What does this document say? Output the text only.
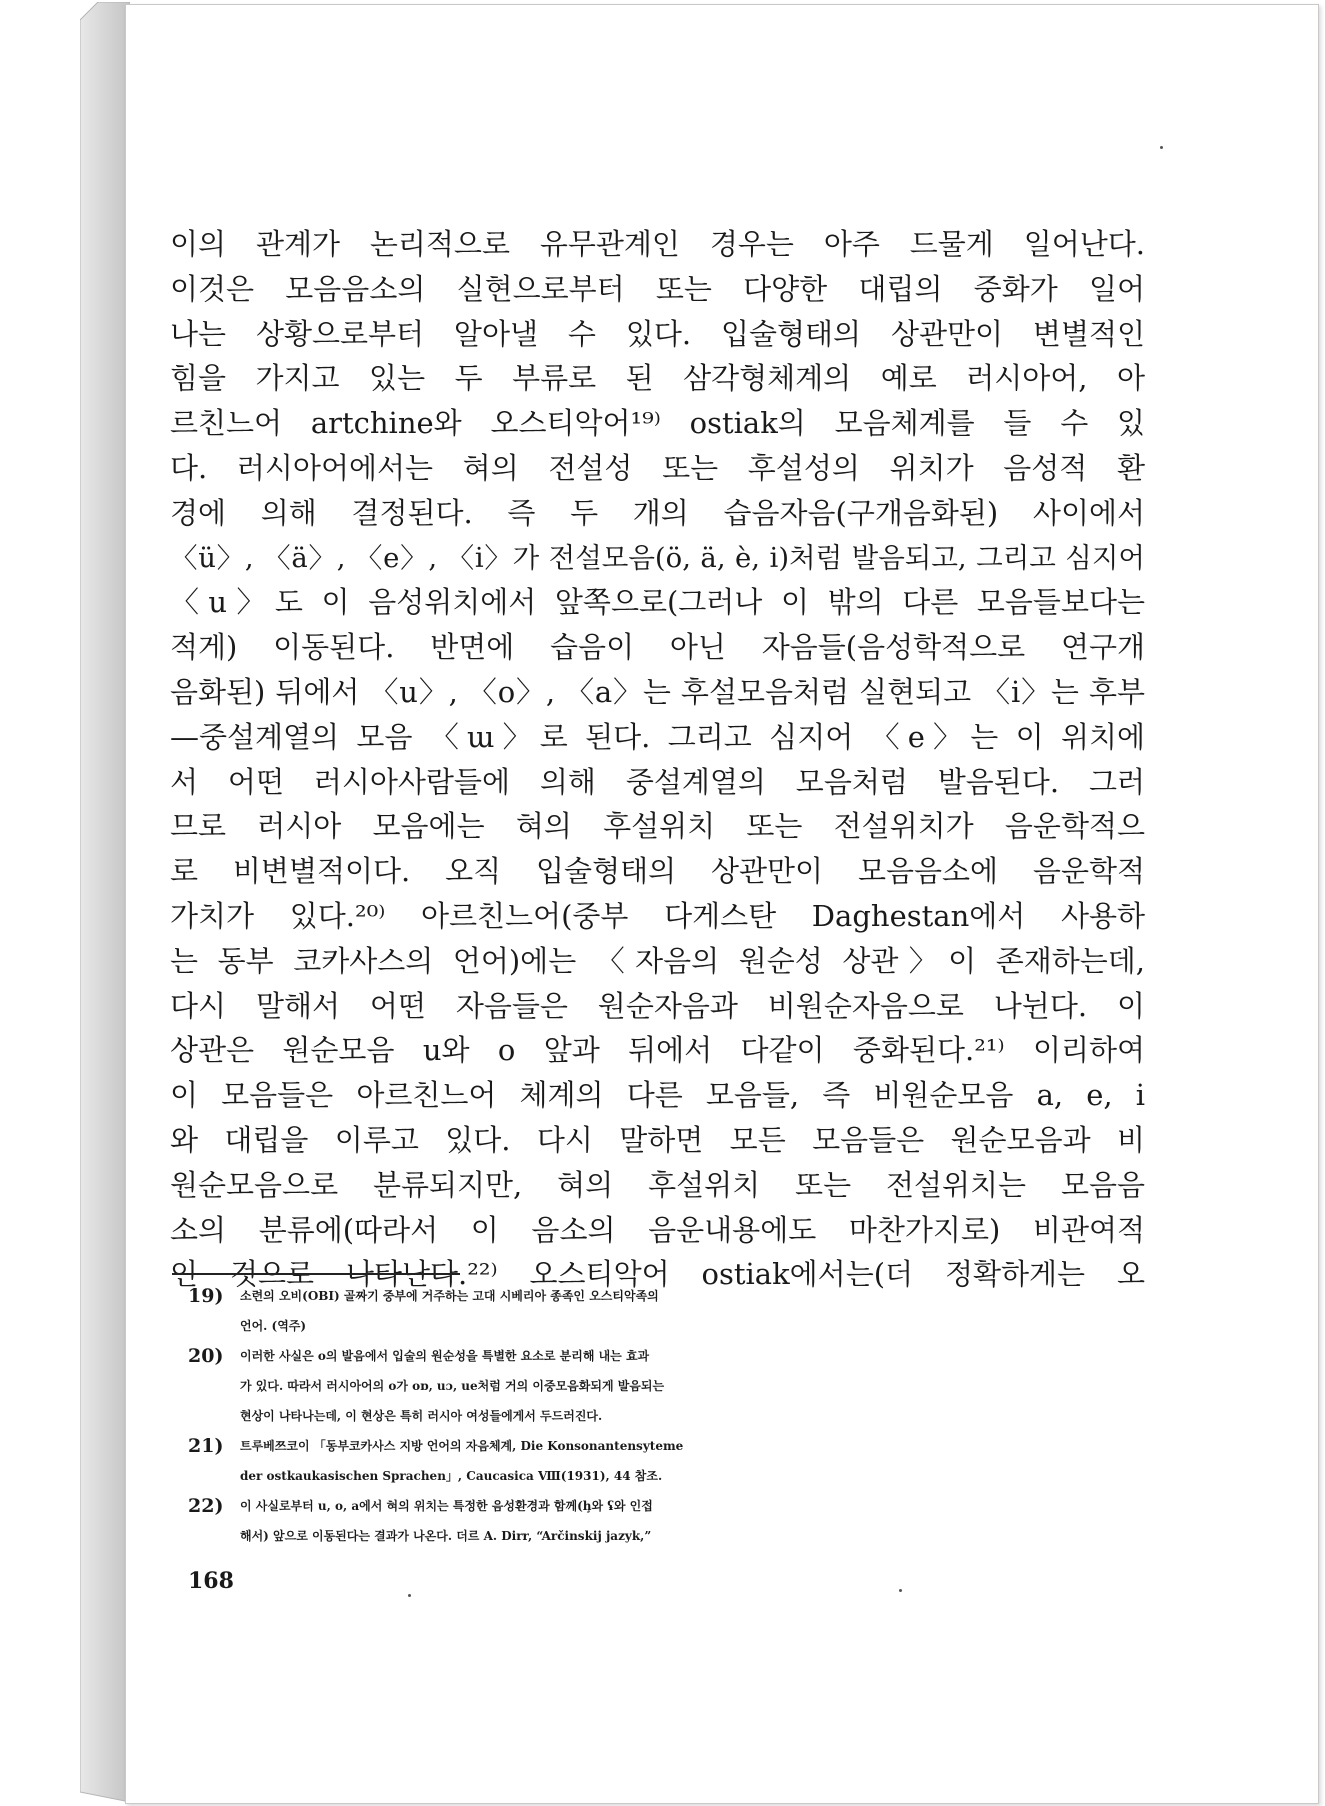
이의 관계가 논리적으로 유무관계인 경우는 아주 드물게 일어난다.
이것은 모음음소의 실현으로부터 또는 다양한 대립의 중화가 일어
나는 상황으로부터 알아낼 수 있다. 입술형태의 상관만이 변별적인
힘을 가지고 있는 두 부류로 된 삼각형체계의 예로 러시아어, 아
르친느어 artchine와 오스티악어¹⁹⁾ ostiak의 모음체계를 들 수 있
다. 러시아어에서는 혀의 전설성 또는 후설성의 위치가 음성적 환
경에 의해 결정된다. 즉 두 개의 습음자음(구개음화된) 사이에서
〈ü〉, 〈ä〉, 〈e〉, 〈i〉가 전설모음(ö, ä, è, i)처럼 발음되고, 그리고 심지어
〈u〉도 이 음성위치에서 앞쪽으로(그러나 이 밖의 다른 모음들보다는
적게) 이동된다. 반면에 습음이 아닌 자음들(음성학적으로 연구개
음화된) 뒤에서 〈u〉, 〈o〉, 〈a〉는 후설모음처럼 실현되고 〈i〉는 후부
—중설계열의 모음 〈ɯ〉로 된다. 그리고 심지어 〈e〉는 이 위치에
서 어떤 러시아사람들에 의해 중설계열의 모음처럼 발음된다. 그러
므로 러시아 모음에는 혀의 후설위치 또는 전설위치가 음운학적으
로 비변별적이다. 오직 입술형태의 상관만이 모음음소에 음운학적
가치가 있다.²⁰⁾ 아르친느어(중부 다게스탄 Daghestan에서 사용하
는 동부 코카사스의 언어)에는 〈자음의 원순성 상관〉이 존재하는데,
다시 말해서 어떤 자음들은 원순자음과 비원순자음으로 나뉜다. 이
상관은 원순모음 u와 o 앞과 뒤에서 다같이 중화된다.²¹⁾ 이리하여
이 모음들은 아르친느어 체계의 다른 모음들, 즉 비원순모음 a, e, i
와 대립을 이루고 있다. 다시 말하면 모든 모음들은 원순모음과 비
원순모음으로 분류되지만, 혀의 후설위치 또는 전설위치는 모음음
소의 분류에(따라서 이 음소의 음운내용에도 마찬가지로) 비관여적
인 것으로 나타난다.²²⁾ 오스티악어 ostiak에서는(더 정확하게는 오
19) 소련의 오비(OBI) 골짜기 중부에 거주하는 고대 시베리아 종족인 오스티악족의
언어. (역주)
20) 이러한 사실은 o의 발음에서 입술의 원순성을 특별한 요소로 분리해 내는 효과
가 있다. 따라서 러시아어의 o가 oɒ, uɔ, ue처럼 거의 이중모음화되게 발음되는
현상이 나타나는데, 이 현상은 특히 러시아 여성들에게서 두드러진다.
21) 트루베쯔코이 「동부코카사스 지방 언어의 자음체계, Die Konsonantensyteme
der ostkaukasischen Sprachen」, Caucasica Ⅷ(1931), 44 참조.
22) 이 사실로부터 u, o, a에서 혀의 위치는 특정한 음성환경과 함께(ḩ와 ʢ와 인접
해서) 앞으로 이동된다는 결과가 나온다. 더르 A. Dirr, “Arčinskij jazyk,”
168
